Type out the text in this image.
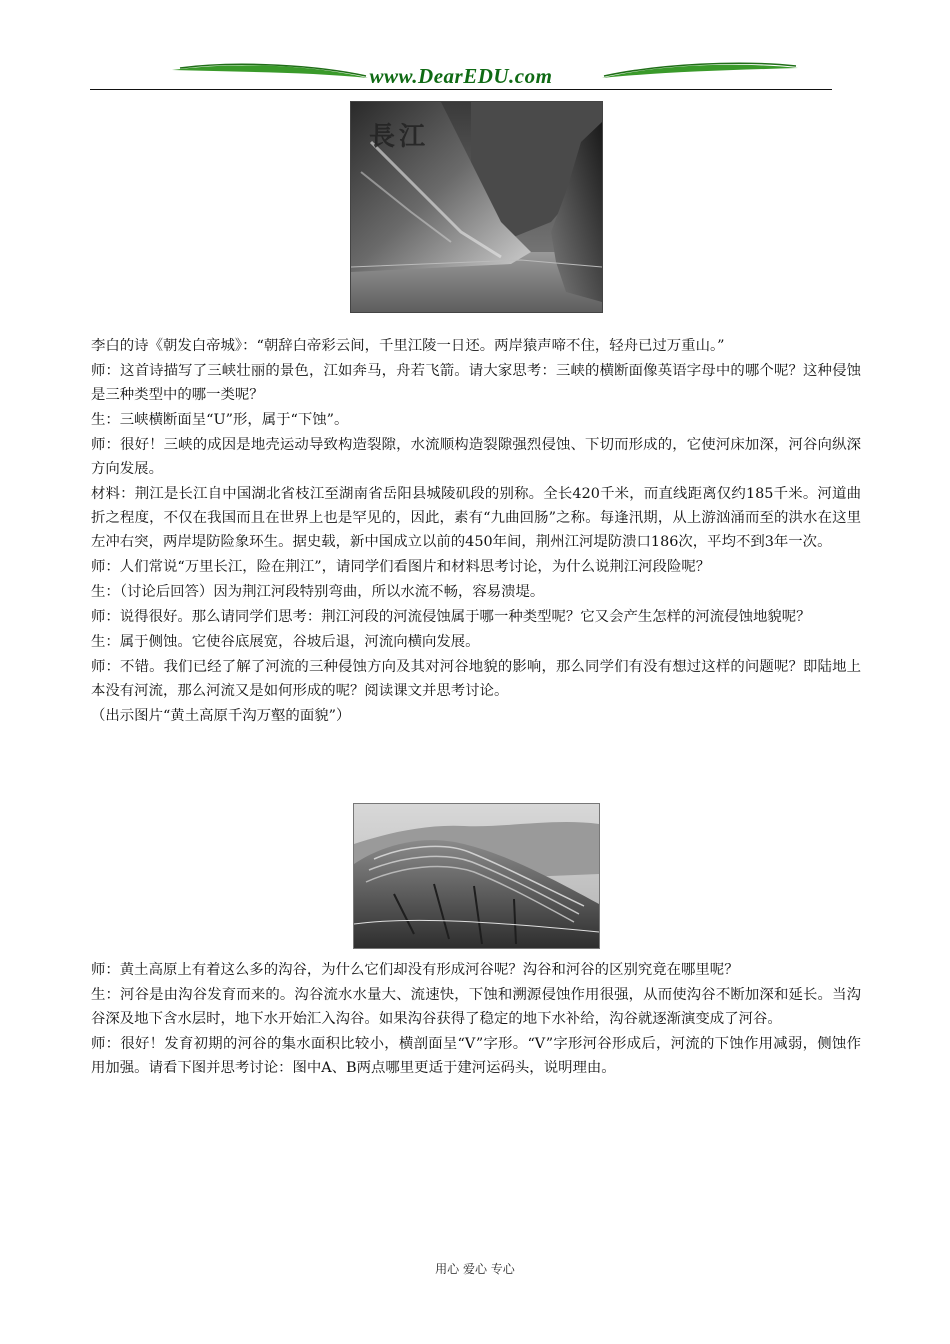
www.DearEDU.com
長江

李白的诗《朝发白帝城》：“朝辞白帝彩云间，千里江陵一日还。两岸猿声啼不住，轻舟已过万重山。”

师：这首诗描写了三峡壮丽的景色，江如奔马，舟若飞箭。请大家思考：三峡的横断面像英语字母中的哪个呢？这种侵蚀是三种类型中的哪一类呢？

生：三峡横断面呈“U”形，属于“下蚀”。

师：很好！三峡的成因是地壳运动导致构造裂隙，水流顺构造裂隙强烈侵蚀、下切而形成的，它使河床加深，河谷向纵深方向发展。

材料：荆江是长江自中国湖北省枝江至湖南省岳阳县城陵矶段的别称。全长420千米，而直线距离仅约185千米。河道曲折之程度，不仅在我国而且在世界上也是罕见的，因此，素有“九曲回肠”之称。每逢汛期，从上游汹涌而至的洪水在这里左冲右突，两岸堤防险象环生。据史载，新中国成立以前的450年间，荆州江河堤防溃口186次，平均不到3年一次。

师：人们常说“万里长江，险在荆江”，请同学们看图片和材料思考讨论，为什么说荆江河段险呢？

生：（讨论后回答）因为荆江河段特别弯曲，所以水流不畅，容易溃堤。

师：说得很好。那么请同学们思考：荆江河段的河流侵蚀属于哪一种类型呢？它又会产生怎样的河流侵蚀地貌呢？

生：属于侧蚀。它使谷底展宽，谷坡后退，河流向横向发展。

师：不错。我们已经了解了河流的三种侵蚀方向及其对河谷地貌的影响，那么同学们有没有想过这样的问题呢？即陆地上本没有河流，那么河流又是如何形成的呢？阅读课文并思考讨论。

（出示图片“黄土高原千沟万壑的面貌”）

师：黄土高原上有着这么多的沟谷，为什么它们却没有形成河谷呢？沟谷和河谷的区别究竟在哪里呢？

生：河谷是由沟谷发育而来的。沟谷流水水量大、流速快，下蚀和溯源侵蚀作用很强，从而使沟谷不断加深和延长。当沟谷深及地下含水层时，地下水开始汇入沟谷。如果沟谷获得了稳定的地下水补给，沟谷就逐渐演变成了河谷。

师：很好！发育初期的河谷的集水面积比较小，横剖面呈“V”字形。“V”字形河谷形成后，河流的下蚀作用减弱，侧蚀作用加强。请看下图并思考讨论：图中A、B两点哪里更适于建河运码头，说明理由。

用心 爱心 专心
